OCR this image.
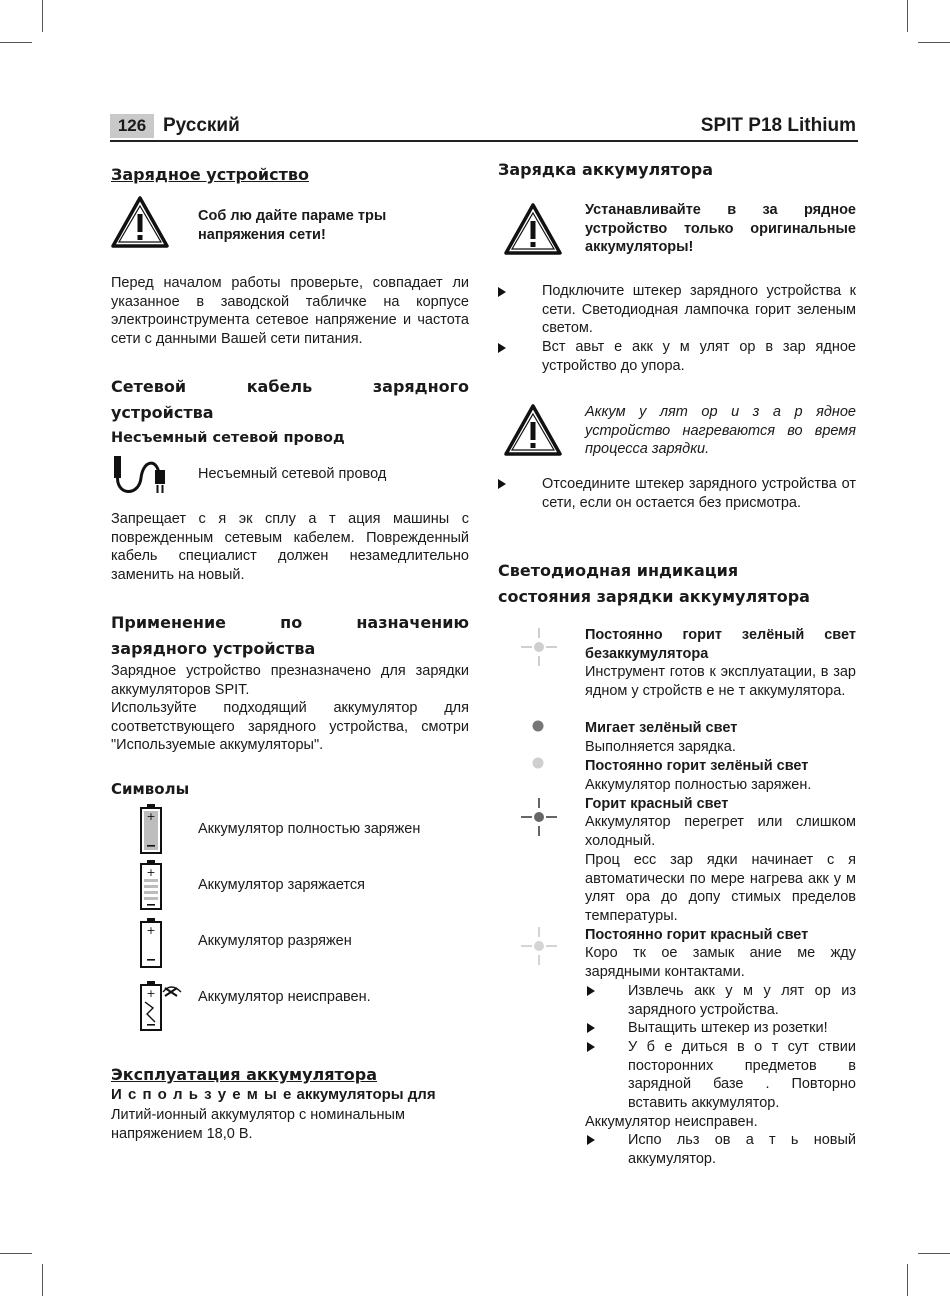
126 Русский	SPIT P18 Lithium
Зарядное устройство

Соб лю дайте параме тры напряжения сети!

Перед началом работы проверьте, совпадает ли указанное в заводской табличке на корпусе электроинструмента сетевое напряжение и частота сети с данными Вашей сети питания.

Сетевой кабель зарядного
устройства
Несъемный сетевой провод

Несъемный сетевой провод

Запрещает с я эк сплу а т ация машины с поврежденным сетевым кабелем. Поврежденный кабель специалист должен незамедлительно заменить на новый.

Применение по назначению
зарядного устройства

Зарядное устройство презназначено для зарядки аккумуляторов SPIT.

Используйте подходящий аккумулятор для соответствующего зарядного устройства, смотри "Используемые аккумуляторы".

Символы
+

Аккумулятор полностью заряжен

+

Аккумулятор заряжается

+

Аккумулятор разряжен

+	Аккумулятор неисправен.

Эксплуатация аккумулятора
И с п о л ь з у е м ы е аккумуляторы для

Литий-ионный аккумулятор с номинальным напряжением 18,0 В.

Зарядка аккумулятора

Устанавливайте в за рядное устройство только оригинальные аккумуляторы!

Подключите штекер зарядного устройства к сети. Светодиодная лампочка горит зеленым светом.

Вст авьт е акк у м улят ор в зар ядное устройство до упора.

Аккум у лят ор и з а р ядное устройство нагреваются во время процесса зарядки.

Отсоедините штекер зарядного устройства от сети, если он остается без присмотра.

Светодиодная индикация
состояния зарядки аккумулятора

Постоянно горит зелёный свет безаккумулятора

Инструмент готов к эксплуатации, в зар ядном у стройств е не т аккумулятора.

Мигает зелёный свет

Выполняется зарядка.

Постоянно горит зелёный свет

Аккумулятор полностью заряжен.

Горит красный свет

Аккумулятор перегрет или слишком холодный.

Проц есс зар ядки начинает с я автоматически по мере нагрева акк у м улят ора до допу стимых пределов температуры.

Постоянно горит красный свет

Коро тк ое замык ание ме жду зарядными контактами.

Извлечь акк у м у лят ор из зарядного устройства.

Вытащить штекер из розетки!

У б е диться в о т сут ствии посторонних предметов в зарядной базе . Повторно вставить аккумулятор.

Аккумулятор неисправен.

Испо льз ов а т ь новый аккумулятор.
